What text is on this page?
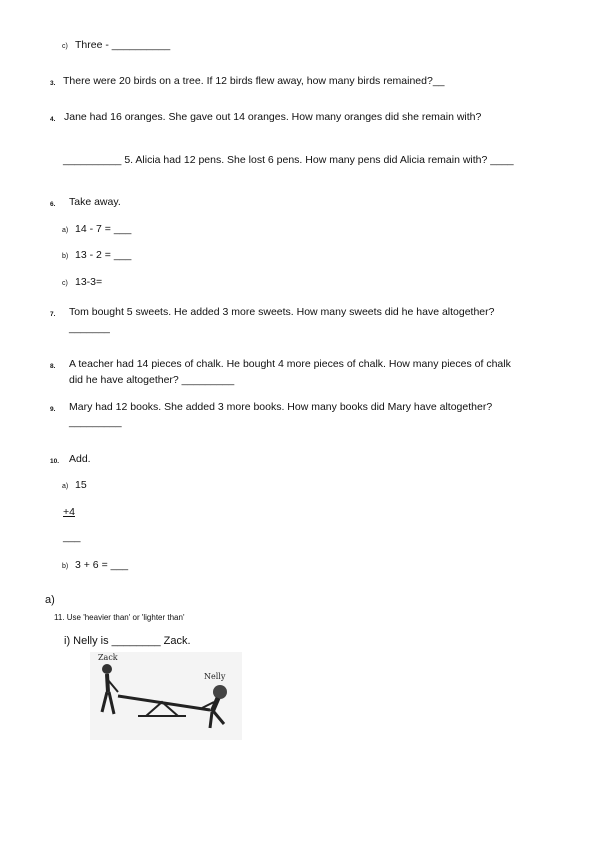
c) Three - __________
3. There were 20 birds on a tree. If 12 birds flew away, how many birds remained?__
4. Jane had 16 oranges. She gave out 14 oranges. How many oranges did she remain with?
__________ 5. Alicia had 12 pens. She lost 6 pens. How many pens did Alicia remain with? ____
6. Take away.
a) 14 - 7 = ___
b) 13 - 2 = ___
c) 13-3=
7. Tom bought 5 sweets. He added 3 more sweets. How many sweets did he have altogether?
_______
8. A teacher had 14 pieces of chalk. He bought 4 more pieces of chalk. How many pieces of chalk
did he have altogether? _________
9. Mary had 12 books. She added 3 more books. How many books did Mary have altogether?
_________
10. Add.
a) 15
+4
___
b) 3 + 6 = ___
a)
11. Use 'heavier than' or 'lighter than'
i) Nelly is ________ Zack.
Zack
Nelly
